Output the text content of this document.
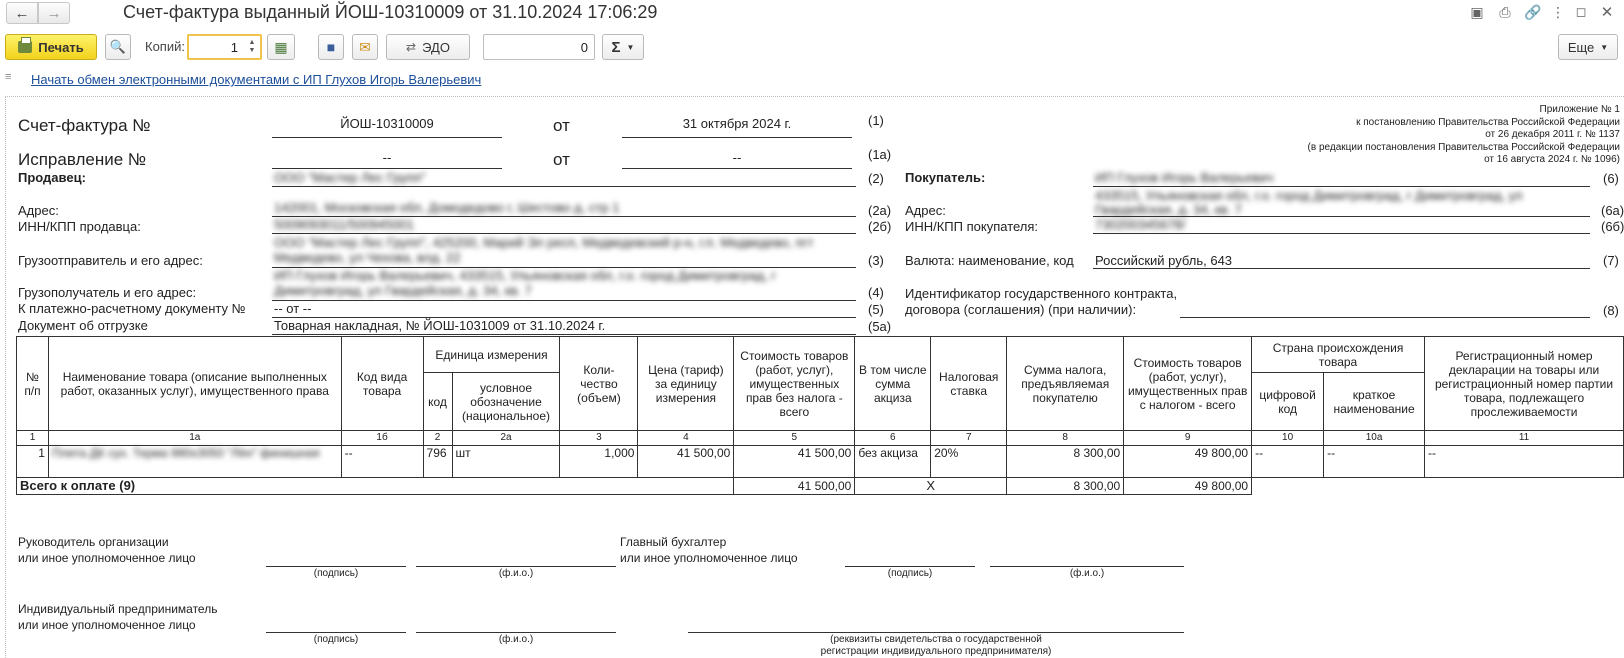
← →	Счет-фактура выданный ЙОШ-10310009 от 31.10.2024 17:06:29	▣ ⎙ 🔗 ⋮ ◻ ✕
Печать 🔍 Копий:	1	▲
▼ ▦	■ ✉	⇄ ЭДО	0	Σ ▼	Еще ▼
≡	Начать обмен электронными документами с ИП Глухов Игорь Валерьевич
Приложение № 1
к постановлению Правительства Российской Федерации
от 26 декабря 2011 г. № 1137
(в редакции постановления Правительства Российской Федерации
от 16 августа 2024 г. № 1096)
Счет-фактура №	ЙОШ-10310009	от	31 октября 2024 г.	(1)
Исправление №	--	от	--	(1а)
Продавец:	ООО "Мастер Лес Групп"	(2)
Адрес:	142001, Московская обл, Домодедово г, Шестово д, стр 1	(2а)
ИНН/КПП продавца:	5009093011/500945001	(2б)
Грузоотправитель и его адрес:
ООО "Мастер Лес Групп", 425200, Марий Эл респ, Медведевский р-н, г.п. Медведево, пгт Медведево, ул Чехова, влд. 22	(3)
Грузополучатель и его адрес:
ИП Глухов Игорь Валерьевич, 433515, Ульяновская обл, г.о. город Димитровград, г Димитровград, ул Гвардейская, д. 34, кв. 7	(4)
К платежно-расчетному документу № -- от --	(5)
Документ об отгрузке	Товарная накладная, № ЙОШ-1031009 от 31.10.2024 г.	(5а)
Покупатель:	ИП Глухов Игорь Валерьевич	(6)
Адрес:
433515, Ульяновская обл, г.о. город Димитровград, г Димитровград, ул Гвардейская, д. 34, кв. 7	(6а)
ИНН/КПП покупателя:	730200345678/	(6б)
Валюта: наименование, код Российский рубль, 643	(7)
Идентификатор государственного контракта,
договора (соглашения) (при наличии):	(8)
№ п/п	Наименование товара (описание выполненных работ, оказанных услуг), имущественного права	Код вида товара	Единица измерения		Коли- чество (объем)	Цена (тариф) за единицу измерения	Стоимость товаров (работ, услуг), имущественных прав без налога - всего	В том числе сумма акциза	Налоговая ставка	Сумма налога, предъявляемая покупателю	Стоимость товаров (работ, услуг), имущественных прав с налогом - всего	Страна происхождения товара		Регистрационный номер декларации на товары или регистрационный номер партии товара, подлежащего прослеживаемости
			код	условное обозначение (национальное)								цифровой код	краткое наименование	
1	1а	1б	2	2а	3	4	5	6	7	8	9	10	10а	11
1	Плита ДК сух. Терма 980х3050 "Лён" финишная	--	796	шт	1,000	41 500,00	41 500,00	без акциза	20%	8 300,00	49 800,00	--	--	--
Всего к оплате (9)							41 500,00	X		8 300,00	49 800,00			
Руководитель организации
или иное уполномоченное лицо
(подпись)	(ф.и.о.)
Главный бухгалтер
или иное уполномоченное лицо
(подпись)	(ф.и.о.)
Индивидуальный предприниматель
или иное уполномоченное лицо
(подпись)	(ф.и.о.)	(реквизиты свидетельства о государственной
регистрации индивидуального предпринимателя)
